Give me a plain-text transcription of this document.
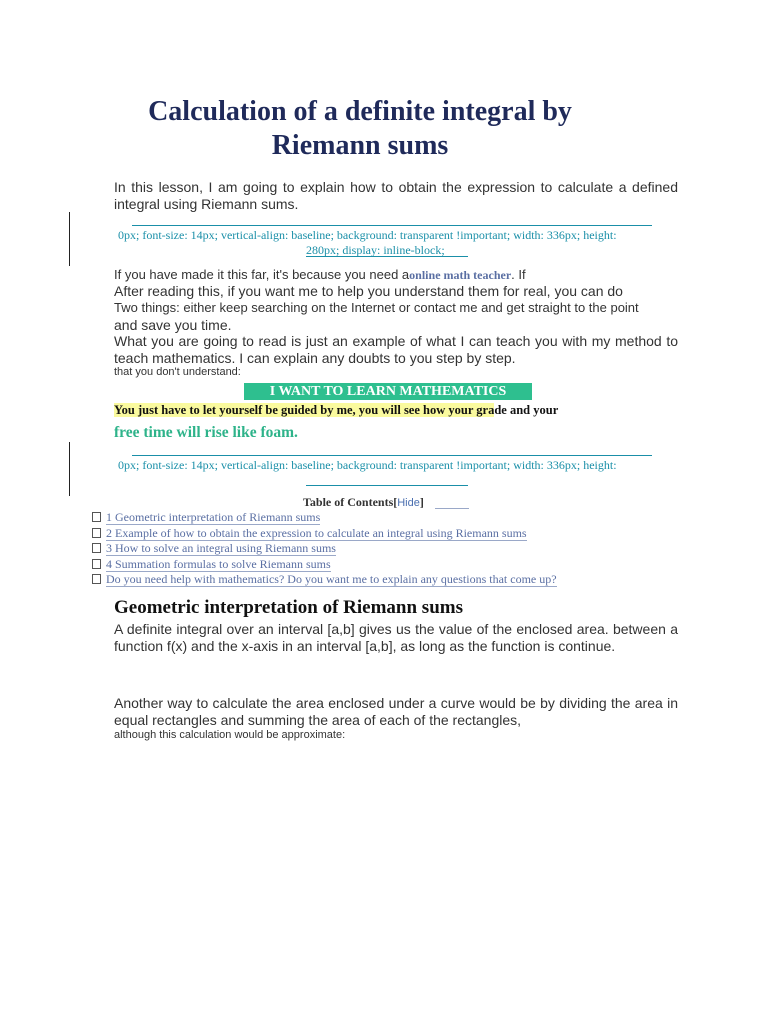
Calculation of a definite integral by
Riemann sums
In this lesson, I am going to explain how to obtain the expression to calculate a defined integral using Riemann sums.
0px; font-size: 14px; vertical-align: baseline; background: transparent !important; width: 336px; height:
280px; display: inline-block;
If you have made it this far, it's because you need aonline math teacher. If
After reading this, if you want me to help you understand them for real, you can do
Two things: either keep searching on the Internet or contact me and get straight to the point
and save you time.
What you are going to read is just an example of what I can teach you with my method to teach mathematics. I can explain any doubts to you step by step.
that you don't understand:
I WANT TO LEARN MATHEMATICS
You just have to let yourself be guided by me, you will see how your grade and your
free time will rise like foam.
0px; font-size: 14px; vertical-align: baseline; background: transparent !important; width: 336px; height:
Table of Contents[Hide]
1 Geometric interpretation of Riemann sums
2 Example of how to obtain the expression to calculate an integral using Riemann sums
3 How to solve an integral using Riemann sums
4 Summation formulas to solve Riemann sums
Do you need help with mathematics? Do you want me to explain any questions that come up?
Geometric interpretation of Riemann sums
A definite integral over an interval [a,b] gives us the value of the enclosed area. between a function f(x) and the x-axis in an interval [a,b], as long as the function is continue.
Another way to calculate the area enclosed under a curve would be by dividing the area in equal rectangles and summing the area of each of the rectangles,
although this calculation would be approximate:
